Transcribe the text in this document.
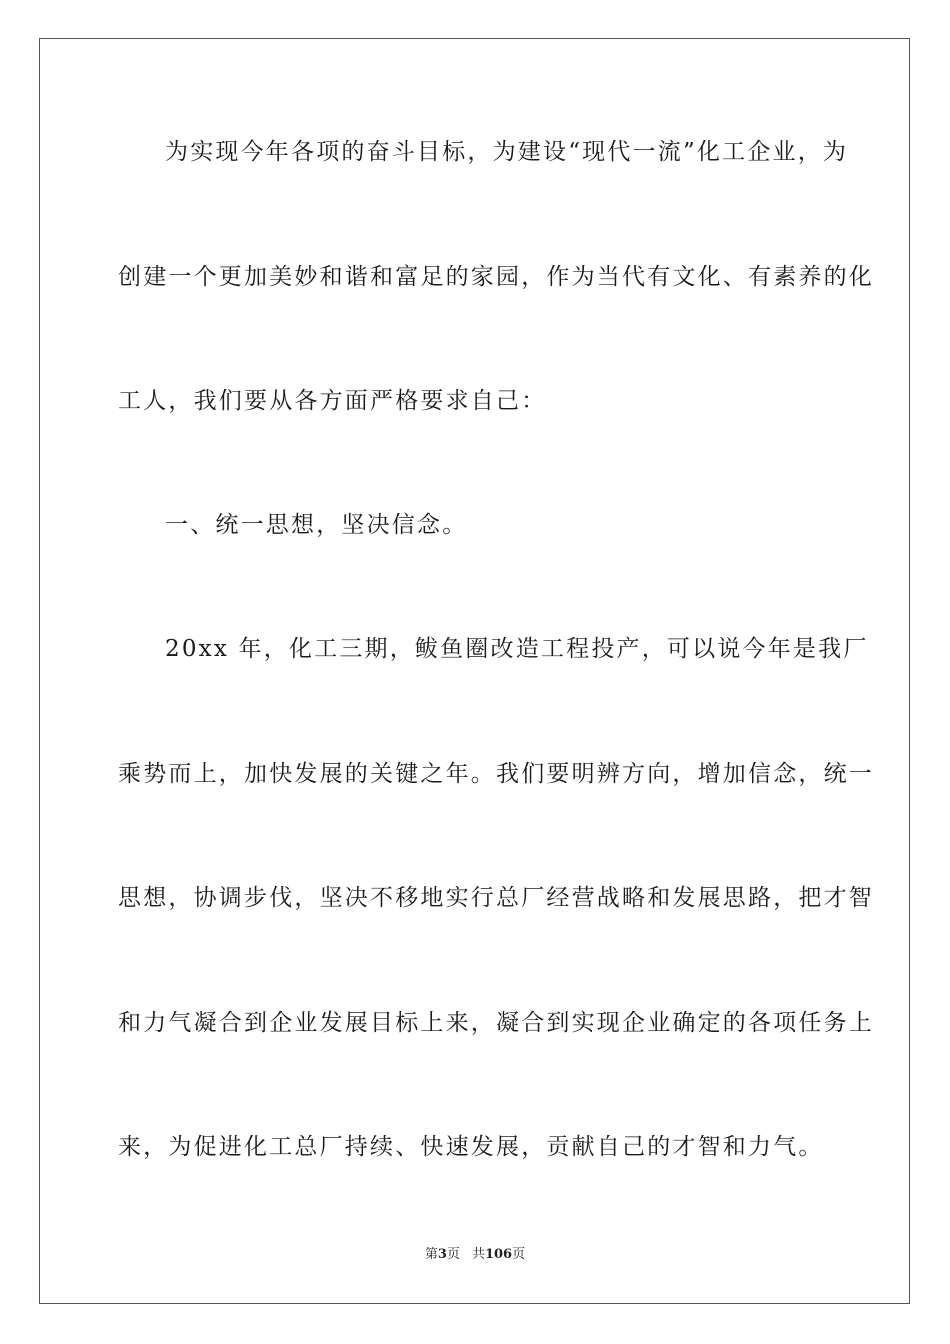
为实现今年各项的奋斗目标，为建设“现代一流”化工企业，为
创建一个更加美妙和谐和富足的家园，作为当代有文化、有素养的化
工人，我们要从各方面严格要求自己：
一、统一思想，坚决信念。
20xx 年，化工三期，鲅鱼圈改造工程投产，可以说今年是我厂
乘势而上，加快发展的关键之年。我们要明辨方向，增加信念，统一
思想，协调步伐，坚决不移地实行总厂经营战略和发展思路，把才智
和力气凝合到企业发展目标上来，凝合到实现企业确定的各项任务上
来，为促进化工总厂持续、快速发展，贡献自己的才智和力气。
第3页 共106页
